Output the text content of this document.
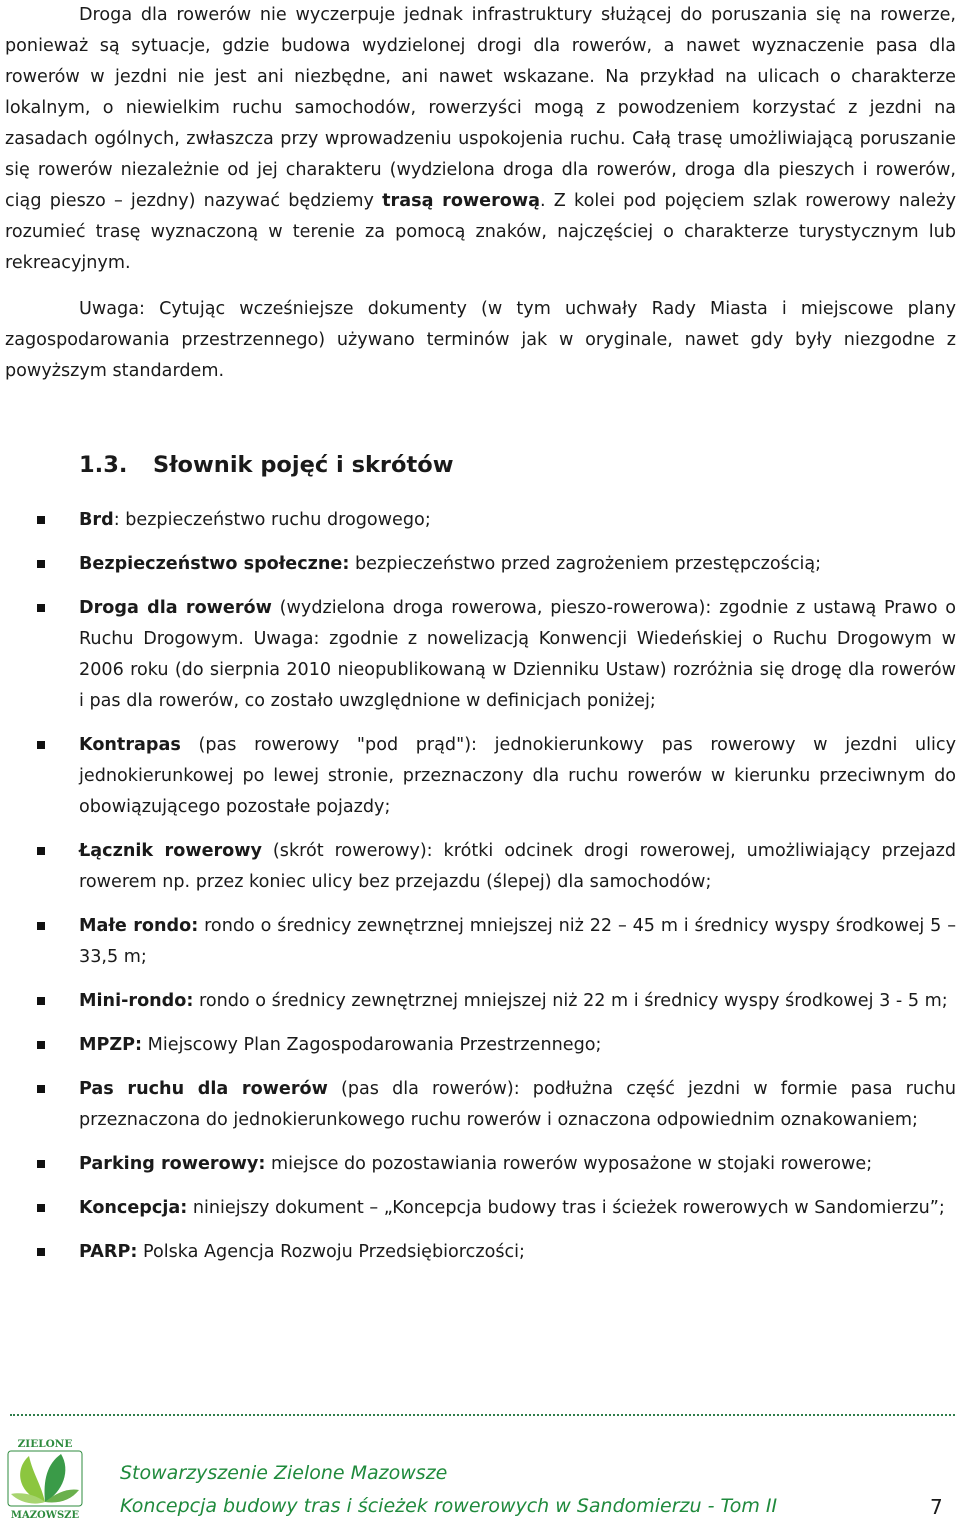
Droga dla rowerów nie wyczerpuje jednak infrastruktury służącej do poruszania się na rowerze, ponieważ są sytuacje, gdzie budowa wydzielonej drogi dla rowerów, a nawet wyznaczenie pasa dla rowerów w jezdni nie jest ani niezbędne, ani nawet wskazane. Na przykład na ulicach o charakterze lokalnym, o niewielkim ruchu samochodów, rowerzyści mogą z powodzeniem korzystać z jezdni na zasadach ogólnych, zwłaszcza przy wprowadzeniu uspokojenia ruchu. Całą trasę umożliwiającą poruszanie się rowerów niezależnie od jej charakteru (wydzielona droga dla rowerów, droga dla pieszych i rowerów, ciąg pieszo – jezdny) nazywać będziemy trasą rowerową. Z kolei pod pojęciem szlak rowerowy należy rozumieć trasę wyznaczoną w terenie za pomocą znaków, najczęściej o charakterze turystycznym lub rekreacyjnym.

Uwaga: Cytując wcześniejsze dokumenty (w tym uchwały Rady Miasta i miejscowe plany zagospodarowania przestrzennego) używano terminów jak w oryginale, nawet gdy były niezgodne z powyższym standardem.

1.3. Słownik pojęć i skrótów
Brd: bezpieczeństwo ruchu drogowego;
Bezpieczeństwo społeczne: bezpieczeństwo przed zagrożeniem przestępczością;
Droga dla rowerów (wydzielona droga rowerowa, pieszo-rowerowa): zgodnie z ustawą Prawo o Ruchu Drogowym. Uwaga: zgodnie z nowelizacją Konwencji Wiedeńskiej o Ruchu Drogowym w 2006 roku (do sierpnia 2010 nieopublikowaną w Dzienniku Ustaw) rozróżnia się drogę dla rowerów i pas dla rowerów, co zostało uwzględnione w definicjach poniżej;
Kontrapas (pas rowerowy "pod prąd"): jednokierunkowy pas rowerowy w jezdni ulicy jednokierunkowej po lewej stronie, przeznaczony dla ruchu rowerów w kierunku przeciwnym do obowiązującego pozostałe pojazdy;
Łącznik rowerowy (skrót rowerowy): krótki odcinek drogi rowerowej, umożliwiający przejazd rowerem np. przez koniec ulicy bez przejazdu (ślepej) dla samochodów;
Małe rondo: rondo o średnicy zewnętrznej mniejszej niż 22 – 45 m i średnicy wyspy środkowej 5 – 33,5 m;
Mini-rondo: rondo o średnicy zewnętrznej mniejszej niż 22 m i średnicy wyspy środkowej 3 - 5 m;
MPZP: Miejscowy Plan Zagospodarowania Przestrzennego;
Pas ruchu dla rowerów (pas dla rowerów): podłużna część jezdni w formie pasa ruchu przeznaczona do jednokierunkowego ruchu rowerów i oznaczona odpowiednim oznakowaniem;
Parking rowerowy: miejsce do pozostawiania rowerów wyposażone w stojaki rowerowe;
Koncepcja: niniejszy dokument – „Koncepcja budowy tras i ścieżek rowerowych w Sandomierzu”;
PARP: Polska Agencja Rozwoju Przedsiębiorczości;
ZIELONE
MAZOWSZE
Stowarzyszenie Zielone Mazowsze
Koncepcja budowy tras i ścieżek rowerowych w Sandomierzu - Tom II	7
